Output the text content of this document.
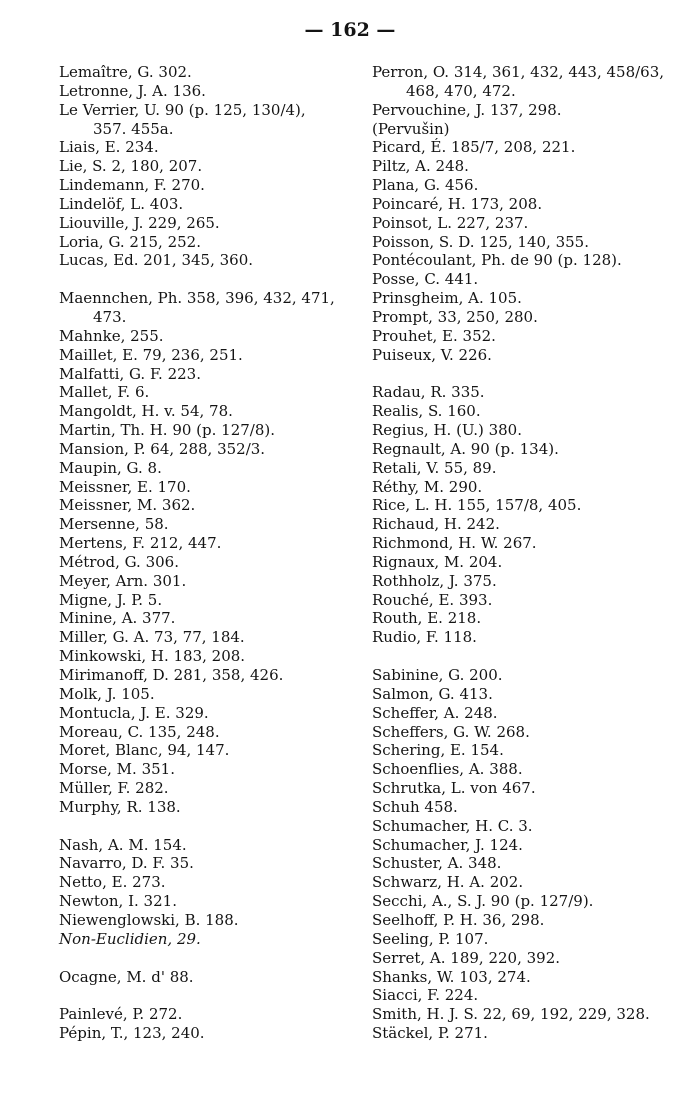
— 162 —
Lemaître, G. 302.
Letronne, J. A. 136.
Le Verrier, U. 90 (p. 125, 130/4),
357. 455a.
Liais, E. 234.
Lie, S. 2, 180, 207.
Lindemann, F. 270.
Lindelöf, L. 403.
Liouville, J. 229, 265.
Loria, G. 215, 252.
Lucas, Ed. 201, 345, 360.
Maennchen, Ph. 358, 396, 432, 471,
473.
Mahnke, 255.
Maillet, E. 79, 236, 251.
Malfatti, G. F. 223.
Mallet, F. 6.
Mangoldt, H. v. 54, 78.
Martin, Th. H. 90 (p. 127/8).
Mansion, P. 64, 288, 352/3.
Maupin, G. 8.
Meissner, E. 170.
Meissner, M. 362.
Mersenne, 58.
Mertens, F. 212, 447.
Métrod, G. 306.
Meyer, Arn. 301.
Migne, J. P. 5.
Minine, A. 377.
Miller, G. A. 73, 77, 184.
Minkowski, H. 183, 208.
Mirimanoff, D. 281, 358, 426.
Molk, J. 105.
Montucla, J. E. 329.
Moreau, C. 135, 248.
Moret, Blanc, 94, 147.
Morse, M. 351.
Müller, F. 282.
Murphy, R. 138.
Nash, A. M. 154.
Navarro, D. F. 35.
Netto, E. 273.
Newton, I. 321.
Niewenglowski, B. 188.
Non-Euclidien, 29.
Ocagne, M. d' 88.
Painlevé, P. 272.
Pépin, T., 123, 240.
Perron, O. 314, 361, 432, 443, 458/63,
468, 470, 472.
Pervouchine, J. 137, 298.
(Pervušin)
Picard, É. 185/7, 208, 221.
Piltz, A. 248.
Plana, G. 456.
Poincaré, H. 173, 208.
Poinsot, L. 227, 237.
Poisson, S. D. 125, 140, 355.
Pontécoulant, Ph. de 90 (p. 128).
Posse, C. 441.
Prinsgheim, A. 105.
Prompt, 33, 250, 280.
Prouhet, E. 352.
Puiseux, V. 226.
Radau, R. 335.
Realis, S. 160.
Regius, H. (U.) 380.
Regnault, A. 90 (p. 134).
Retali, V. 55, 89.
Réthy, M. 290.
Rice, L. H. 155, 157/8, 405.
Richaud, H. 242.
Richmond, H. W. 267.
Rignaux, M. 204.
Rothholz, J. 375.
Rouché, E. 393.
Routh, E. 218.
Rudio, F. 118.
Sabinine, G. 200.
Salmon, G. 413.
Scheffer, A. 248.
Scheffers, G. W. 268.
Schering, E. 154.
Schoenflies, A. 388.
Schrutka, L. von 467.
Schuh 458.
Schumacher, H. C. 3.
Schumacher, J. 124.
Schuster, A. 348.
Schwarz, H. A. 202.
Secchi, A., S. J. 90 (p. 127/9).
Seelhoff, P. H. 36, 298.
Seeling, P. 107.
Serret, A. 189, 220, 392.
Shanks, W. 103, 274.
Siacci, F. 224.
Smith, H. J. S. 22, 69, 192, 229, 328.
Stäckel, P. 271.
